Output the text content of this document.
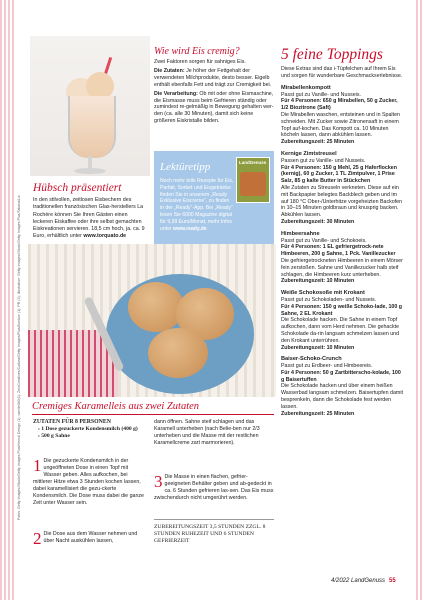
Fotos: Getty Images/iStock/Getty Images Plus/Hemul Design (1); vanille360(1); ZeroCreatives/Cultura/Getty Images/Plus/Bonbon (1); PR (3); Illustration: Getty Images/iStock/Getty Images Plus/Tatiana/Liz
Hübsch präsentiert
In den stilvollen, zeitlosen Eisbechern des traditionellen französischen Glas-herstellers La Rochère können Sie Ihren Gästen einen leckeren Eiskaffee oder ihre selbst gemachten Eiskreationen servieren. 18,5 cm hoch, ja. ca. 9 Euro, erhältlich unter www.torquato.de
Wie wird Eis cremig?

Zwei Faktoren sorgen für sahniges Eis.

Die Zutaten: Je höher der Fettgehalt der verwendeten Milchprodukte, desto besser. Eigelb enthält ebenfalls Fett und trägt zur Cremigkeit bei.

Die Verarbeitung: Ob mit oder ohne Eismaschine, die Eismasse muss beim Gefrieren ständig oder zumindest re-gelmäßig in Bewegung gehalten wer-den (ca. alle 30 Minuten), damit sich keine größeren Eiskristalle bilden.

Lektüretipp
Noch mehr tolle Rezepte für Eis, Parfait, Sorbet und Eisgetränke finden Sie in unserem „Ready Exklusive Eiscreme“, zu finden in der „Ready“-App. Bei „Ready“ lesen Sie 6000 Magazine digital für 9,99 Euro/Monat, mehr Infos unter www.ready.de
LandGenuss
Cremiges Karamelleis aus zwei Zutaten
ZUTATEN FÜR 8 PERSONEN
› 1 Dose gezuckerte Kondensmilch (400 g)
› 500 g Sahne
1 Die gezuckerte Kondensmilch in der ungeöffneten Dose in einen Topf mit Wasser geben. Alles aufkochen, bei mittlerer Hitze etwa 3 Stunden kochen lassen, dabei karamellisiert die gezu-ckerte Kondensmilch. Die Dose muss dabei die ganze Zeit unter Wasser sein.
2 Die Dose aus dem Wasser nehmen und über Nacht auskühlen lassen,
dann öffnen. Sahne steif schlagen und das Karamell unterheben (nach Belie-ben nur 2/3 unterheben und die Masse mit der restlichen Karamellcreme zart marmorieren).
3 Die Masse in einen flachen, gefrier-geeigneten Behälter geben und ab-gedeckt in ca. 6 Stunden gefrieren las-sen. Das Eis muss zwischendurch nicht umgerührt werden.
ZUBEREITUNGSZEIT 3,5 STUNDEN ZZGL. 8 STUNDEN RUHEZEIT UND 6 STUNDEN GEFRIERZEIT
5 feine Toppings
Diese Extras sind das i-Tüpfelchen auf Ihrem Eis und sorgen für wunderbare Geschmackserlebnisse.
Mirabellenkompott

Passt gut zu Vanille- und Nusseis.

Für 4 Personen: 650 g Mirabellen, 50 g Zucker, 1/2 Biozitrone (Saft)

Die Mirabellen waschen, entsteinen und in Spalten schneiden. Mit Zucker sowie Zitronensaft in einem Topf auf-kochen. Das Kompott ca. 10 Minuten köcheln lassen, dann abkühlen lassen.

Zubereitungszeit: 25 Minuten

Kernige Zimtstreusel

Passen gut zu Vanille- und Nusseis.

Für 4 Personen: 150 g Mehl, 25 g Haferflocken (kernig), 60 g Zucker, 1 TL Zimtpulver, 1 Prise Salz, 85 g kalte Butter in Stückchen

Alle Zutaten zu Streuseln verkneten. Diese auf ein mit Backpapier belegtes Backblech geben und im auf 180 °C Ober-/Unterhitze vorgeheizten Backofen in 10–15 Minuten goldbraun und knusprig backen. Abkühlen lassen.

Zubereitungszeit: 30 Minuten

Himbeersahne

Passt gut zu Vanille- und Schokoeis.

Für 4 Personen: 1 EL gefriergetrock-nete Himbeeren, 200 g Sahne, 1 Pck. Vanillezucker

Die gefriergetrockneten Himbeeren in einem Mörser fein zerstoßen. Sahne und Vanillezucker halb steif schlagen, die Himbeeren kurz unterheben.

Zubereitungszeit: 10 Minuten

Weiße Schokosoße mit Krokant

Passt gut zu Schokoladen- und Nusseis.

Für 4 Personen: 150 g weiße Schoko-lade, 100 g Sahne, 2 EL Krokant

Die Schokolade hacken. Die Sahne in einem Topf aufkochen, dann vom Herd nehmen. Die gehackte Schokolade da-rin langsam schmelzen lassen und den Krokant unterrühren.

Zubereitungszeit: 10 Minuten

Baiser-Schoko-Crunch

Passt gut zu Erdbeer- und Himbeereis.

Für 4 Personen: 50 g Zartbitterscho-kolade, 100 g Baisertuffen

Die Schokolade hacken und über einem heißen Wasserbad langsam schmelzen. Baisertupfen damit besprenkeln, dann die Schokolade fest werden lassen.

Zubereitungszeit: 25 Minuten

4/2022 LandGenuss 55
